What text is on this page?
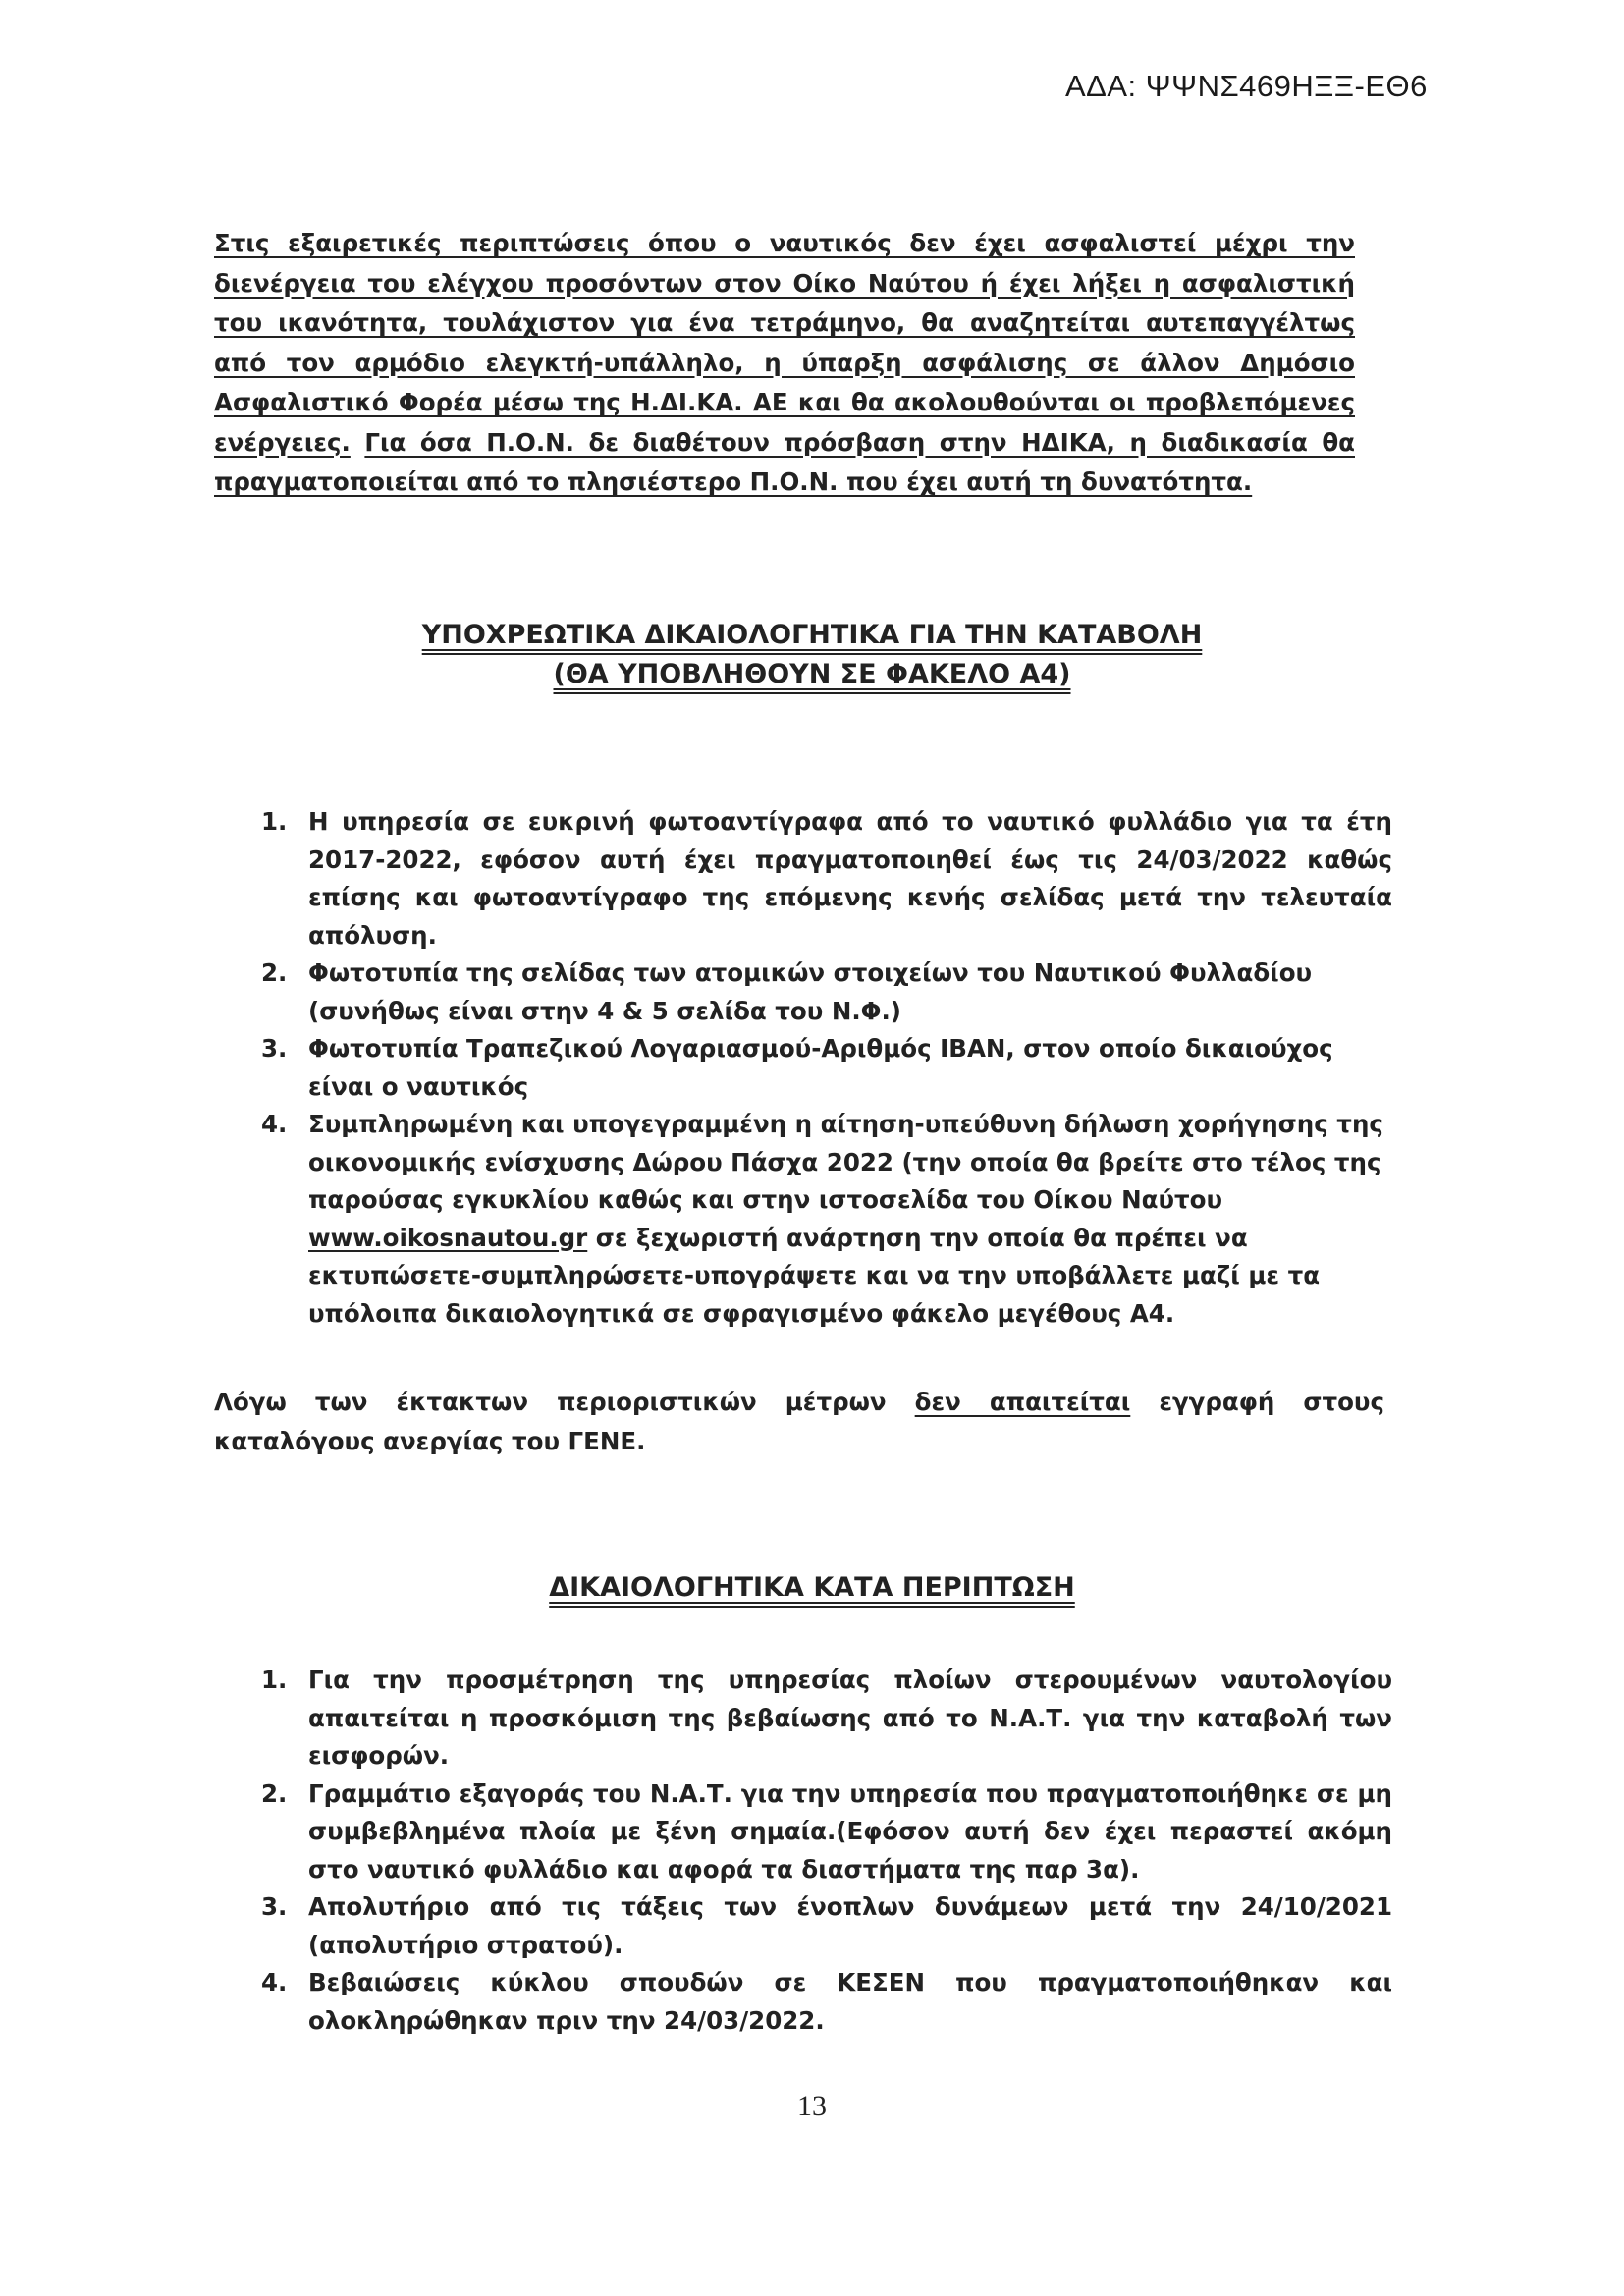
ΑΔΑ: ΨΨΝΣ469ΗΞΞ-ΕΘ6
Στις εξαιρετικές περιπτώσεις όπου ο ναυτικός δεν έχει ασφαλιστεί μέχρι την διενέργεια του ελέγχου προσόντων στον Οίκο Ναύτου ή έχει λήξει η ασφαλιστική του ικανότητα, τουλάχιστον για ένα τετράμηνο, θα αναζητείται αυτεπαγγέλτως από τον αρμόδιο ελεγκτή-υπάλληλο, η ύπαρξη ασφάλισης σε άλλον Δημόσιο Ασφαλιστικό Φορέα μέσω της Η.ΔΙ.ΚΑ. ΑΕ και θα ακολουθούνται οι προβλεπόμενες ενέργειες. Για όσα Π.Ο.Ν. δε διαθέτουν πρόσβαση στην ΗΔΙΚΑ, η διαδικασία θα πραγματοποιείται από το πλησιέστερο Π.Ο.Ν. που έχει αυτή τη δυνατότητα.
ΥΠΟΧΡΕΩΤΙΚΑ ΔΙΚΑΙΟΛΟΓΗΤΙΚΑ ΓΙΑ ΤΗΝ ΚΑΤΑΒΟΛΗ
(ΘΑ ΥΠΟΒΛΗΘΟΥΝ ΣΕ ΦΑΚΕΛΟ Α4)
1. Η υπηρεσία σε ευκρινή φωτοαντίγραφα από το ναυτικό φυλλάδιο για τα έτη 2017-2022, εφόσον αυτή έχει πραγματοποιηθεί έως τις 24/03/2022 καθώς επίσης και φωτοαντίγραφο της επόμενης κενής σελίδας μετά την τελευταία απόλυση.
2. Φωτοτυπία της σελίδας των ατομικών στοιχείων του Ναυτικού Φυλλαδίου (συνήθως είναι στην 4 & 5 σελίδα του Ν.Φ.)
3. Φωτοτυπία Τραπεζικού Λογαριασμού-Αριθμός IBAN, στον οποίο δικαιούχος είναι ο ναυτικός
4. Συμπληρωμένη και υπογεγραμμένη η αίτηση-υπεύθυνη δήλωση χορήγησης της οικονομικής ενίσχυσης Δώρου Πάσχα 2022 (την οποία θα βρείτε στο τέλος της παρούσας εγκυκλίου καθώς και στην ιστοσελίδα του Οίκου Ναύτου www.oikosnautou.gr σε ξεχωριστή ανάρτηση την οποία θα πρέπει να εκτυπώσετε-συμπληρώσετε-υπογράψετε και να την υποβάλλετε μαζί με τα υπόλοιπα δικαιολογητικά σε σφραγισμένο φάκελο μεγέθους Α4.
Λόγω των έκτακτων περιοριστικών μέτρων δεν απαιτείται εγγραφή στους καταλόγους ανεργίας του ΓΕΝΕ.
ΔΙΚΑΙΟΛΟΓΗΤΙΚΑ ΚΑΤΑ ΠΕΡΙΠΤΩΣΗ
1. Για την προσμέτρηση της υπηρεσίας πλοίων στερουμένων ναυτολογίου απαιτείται η προσκόμιση της βεβαίωσης από το Ν.Α.Τ. για την καταβολή των εισφορών.
2. Γραμμάτιο εξαγοράς του Ν.Α.Τ. για την υπηρεσία που πραγματοποιήθηκε σε μη συμβεβλημένα πλοία με ξένη σημαία.(Εφόσον αυτή δεν έχει περαστεί ακόμη στο ναυτικό φυλλάδιο και αφορά τα διαστήματα της παρ 3α).
3. Απολυτήριο από τις τάξεις των ένοπλων δυνάμεων μετά την 24/10/2021 (απολυτήριο στρατού).
4. Βεβαιώσεις κύκλου σπουδών σε ΚΕΣΕΝ που πραγματοποιήθηκαν και ολοκληρώθηκαν πριν την 24/03/2022.
13
